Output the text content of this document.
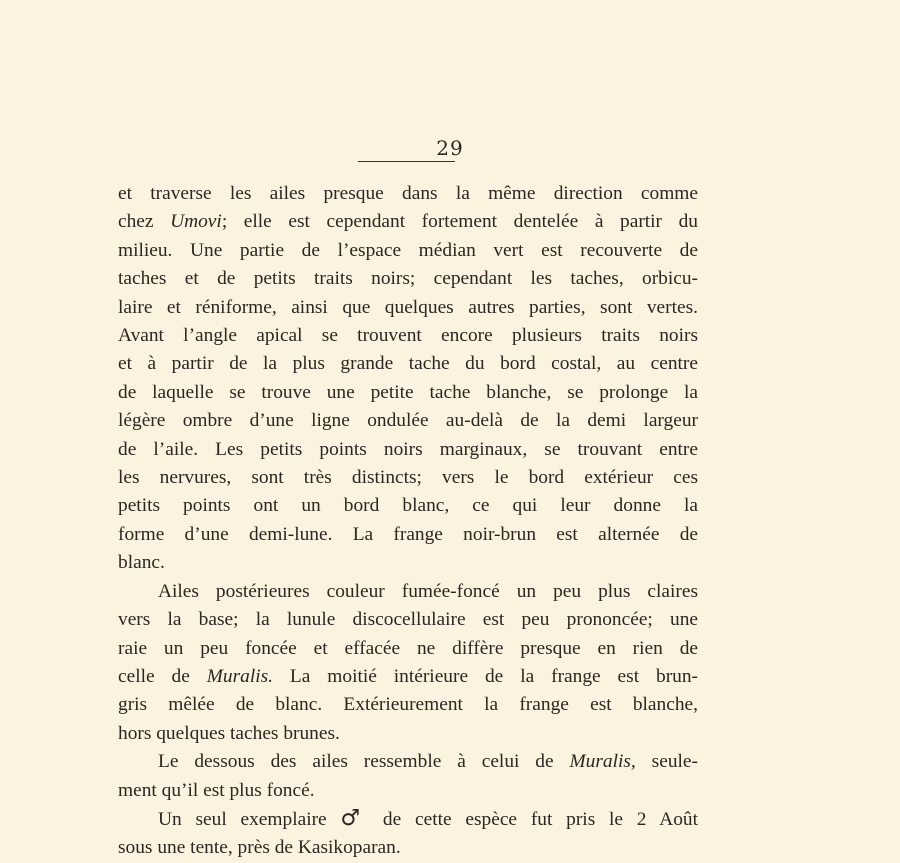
29
et traverse les ailes presque dans la même direction comme
chez Umovi; elle est cependant fortement dentelée à partir du
milieu. Une partie de l’espace médian vert est recouverte de
taches et de petits traits noirs; cependant les taches, orbicu-
laire et réniforme, ainsi que quelques autres parties, sont vertes.
Avant l’angle apical se trouvent encore plusieurs traits noirs
et à partir de la plus grande tache du bord costal, au centre
de laquelle se trouve une petite tache blanche, se prolonge la
légère ombre d’une ligne ondulée au-delà de la demi largeur
de l’aile. Les petits points noirs marginaux, se trouvant entre
les nervures, sont très distincts; vers le bord extérieur ces
petits points ont un bord blanc, ce qui leur donne la
forme d’une demi-lune. La frange noir-brun est alternée de
blanc.
Ailes postérieures couleur fumée-foncé un peu plus claires
vers la base; la lunule discocellulaire est peu prononcée; une
raie un peu foncée et effacée ne diffère presque en rien de
celle de Muralis. La moitié intérieure de la frange est brun-
gris mêlée de blanc. Extérieurement la frange est blanche,
hors quelques taches brunes.
Le dessous des ailes ressemble à celui de Muralis, seule-
ment qu’il est plus foncé.
Un seul exemplaire ♂ de cette espèce fut pris le 2 Août
sous une tente, près de Kasikoparan.
